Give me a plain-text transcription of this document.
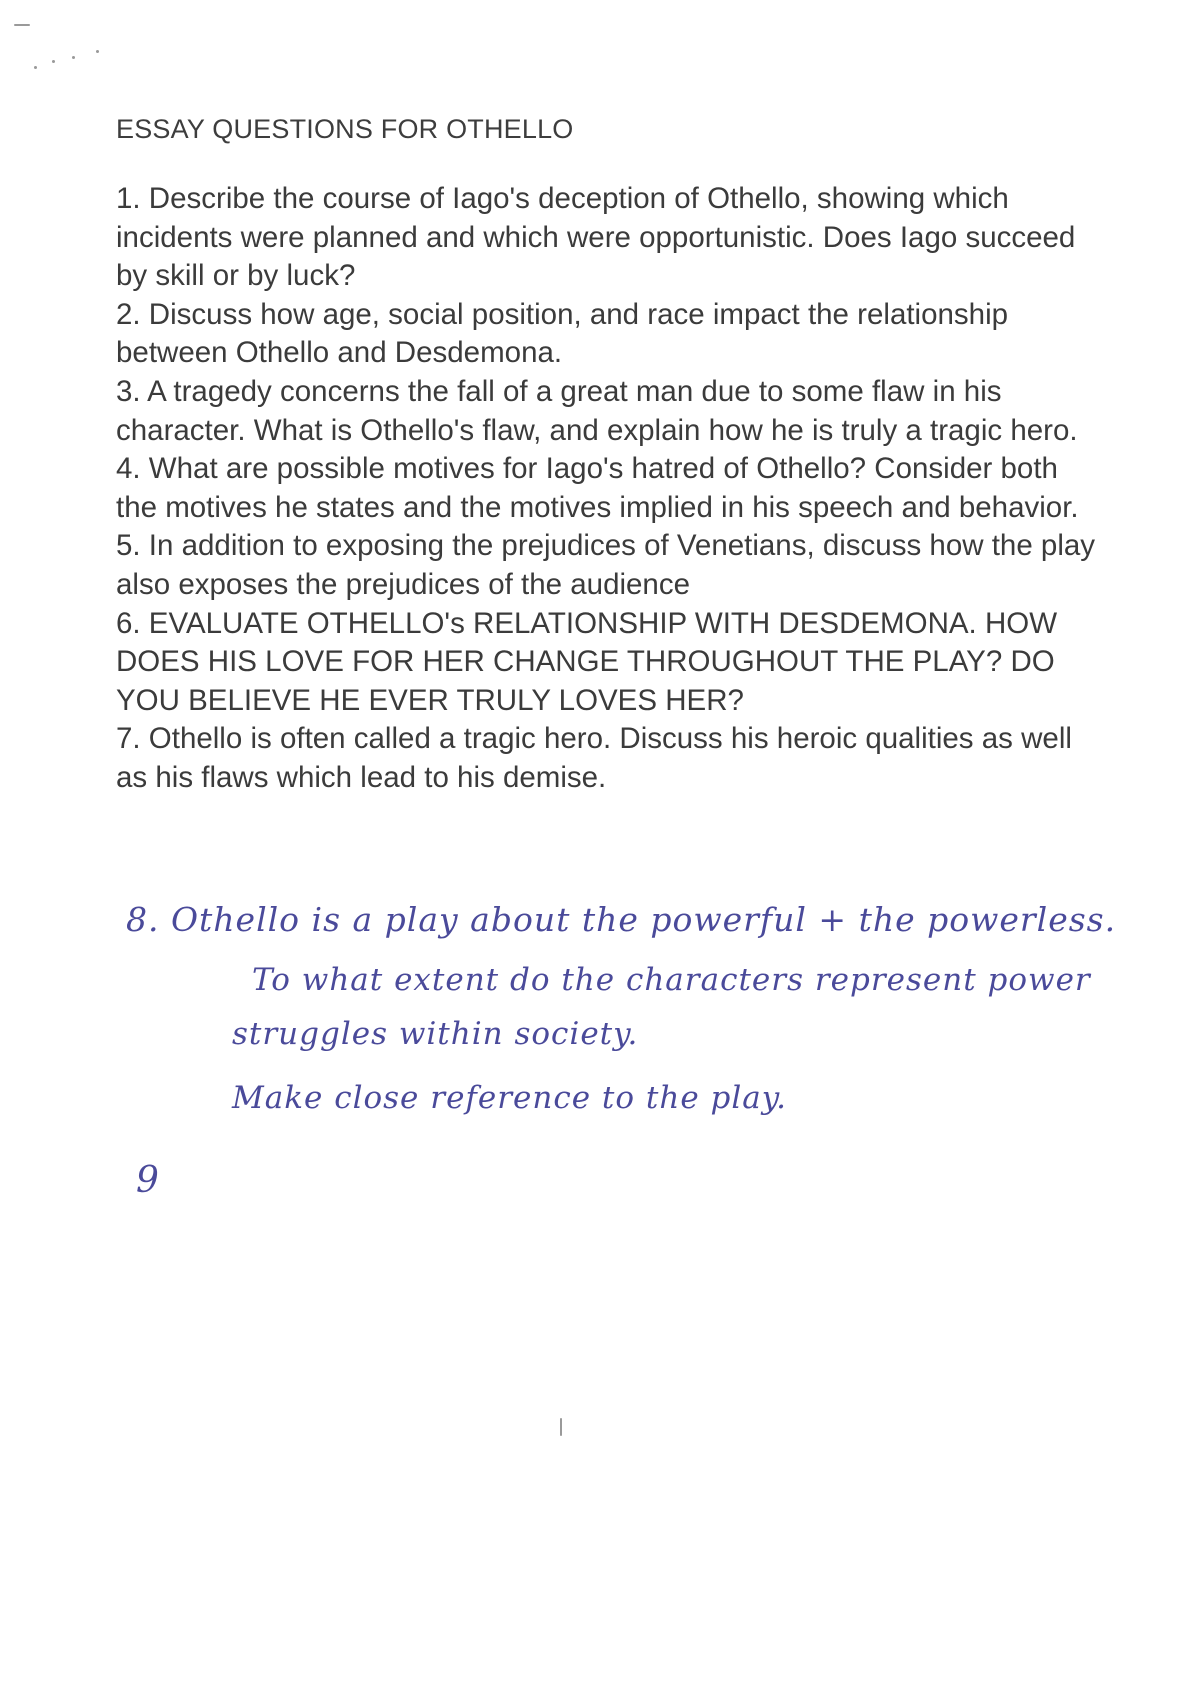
ESSAY QUESTIONS FOR OTHELLO
1. Describe the course of Iago's deception of Othello, showing which incidents were planned and which were opportunistic. Does Iago succeed by skill or by luck?
2. Discuss how age, social position, and race impact the relationship between Othello and Desdemona.
3. A tragedy concerns the fall of a great man due to some flaw in his character. What is Othello's flaw, and explain how he is truly a tragic hero.
4. What are possible motives for Iago's hatred of Othello? Consider both the motives he states and the motives implied in his speech and behavior.
5. In addition to exposing the prejudices of Venetians, discuss how the play also exposes the prejudices of the audience
6. EVALUATE OTHELLO's RELATIONSHIP WITH DESDEMONA. HOW DOES HIS LOVE FOR HER CHANGE THROUGHOUT THE PLAY? DO YOU BELIEVE HE EVER TRULY LOVES HER?
7. Othello is often called a tragic hero. Discuss his heroic qualities as well as his flaws which lead to his demise.
8. Othello is a play about the powerful + the powerless.
To what extent do the characters represent power
struggles within society.
Make close reference to the play.
9
